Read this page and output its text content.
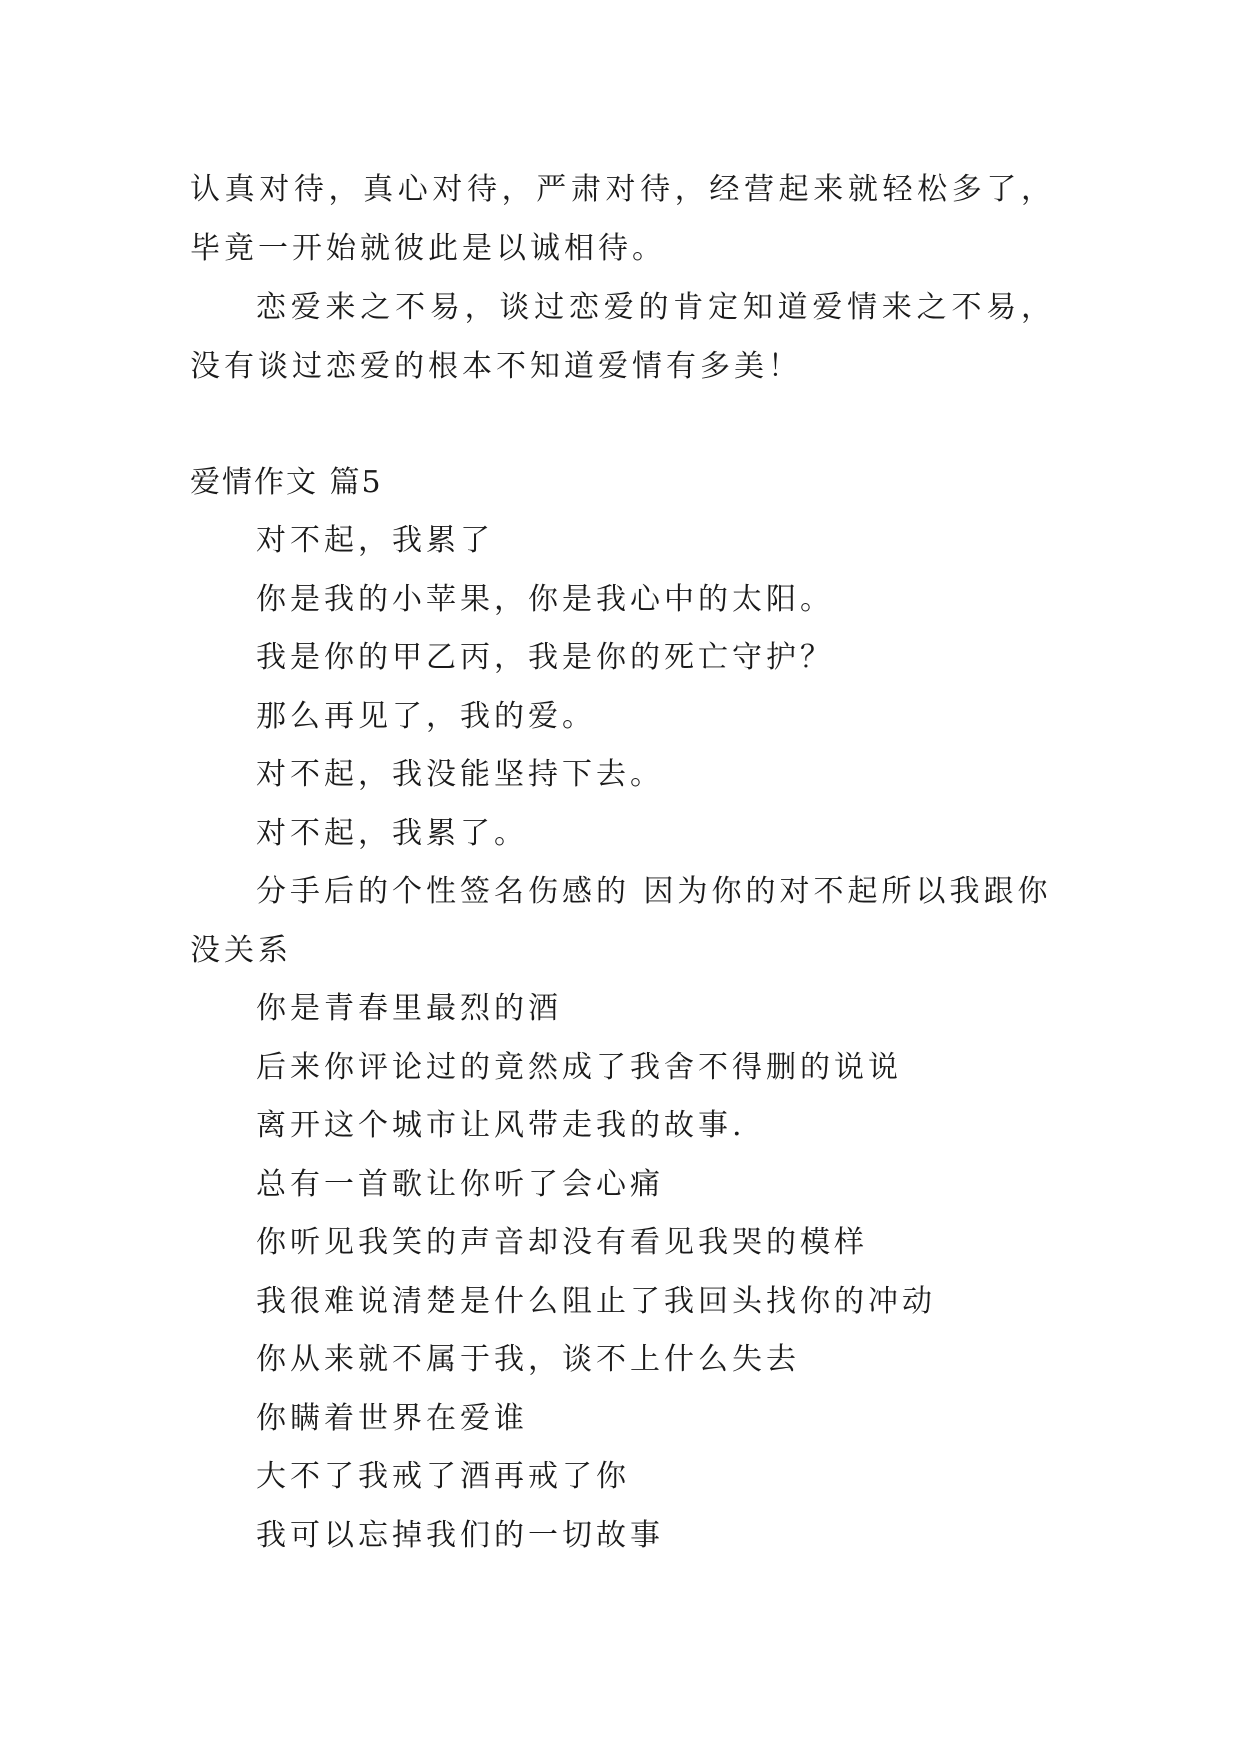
认真对待，真心对待，严肃对待，经营起来就轻松多了，毕竟一开始就彼此是以诚相待。

恋爱来之不易，谈过恋爱的肯定知道爱情来之不易，没有谈过恋爱的根本不知道爱情有多美！

爱情作文 篇5

对不起，我累了

你是我的小苹果，你是我心中的太阳。

我是你的甲乙丙，我是你的死亡守护？

那么再见了，我的爱。

对不起，我没能坚持下去。

对不起，我累了。

分手后的个性签名伤感的 因为你的对不起所以我跟你没关系

你是青春里最烈的酒

后来你评论过的竟然成了我舍不得删的说说

离开这个城市让风带走我的故事.

总有一首歌让你听了会心痛

你听见我笑的声音却没有看见我哭的模样

我很难说清楚是什么阻止了我回头找你的冲动

你从来就不属于我，谈不上什么失去

你瞒着世界在爱谁

大不了我戒了酒再戒了你

我可以忘掉我们的一切故事
